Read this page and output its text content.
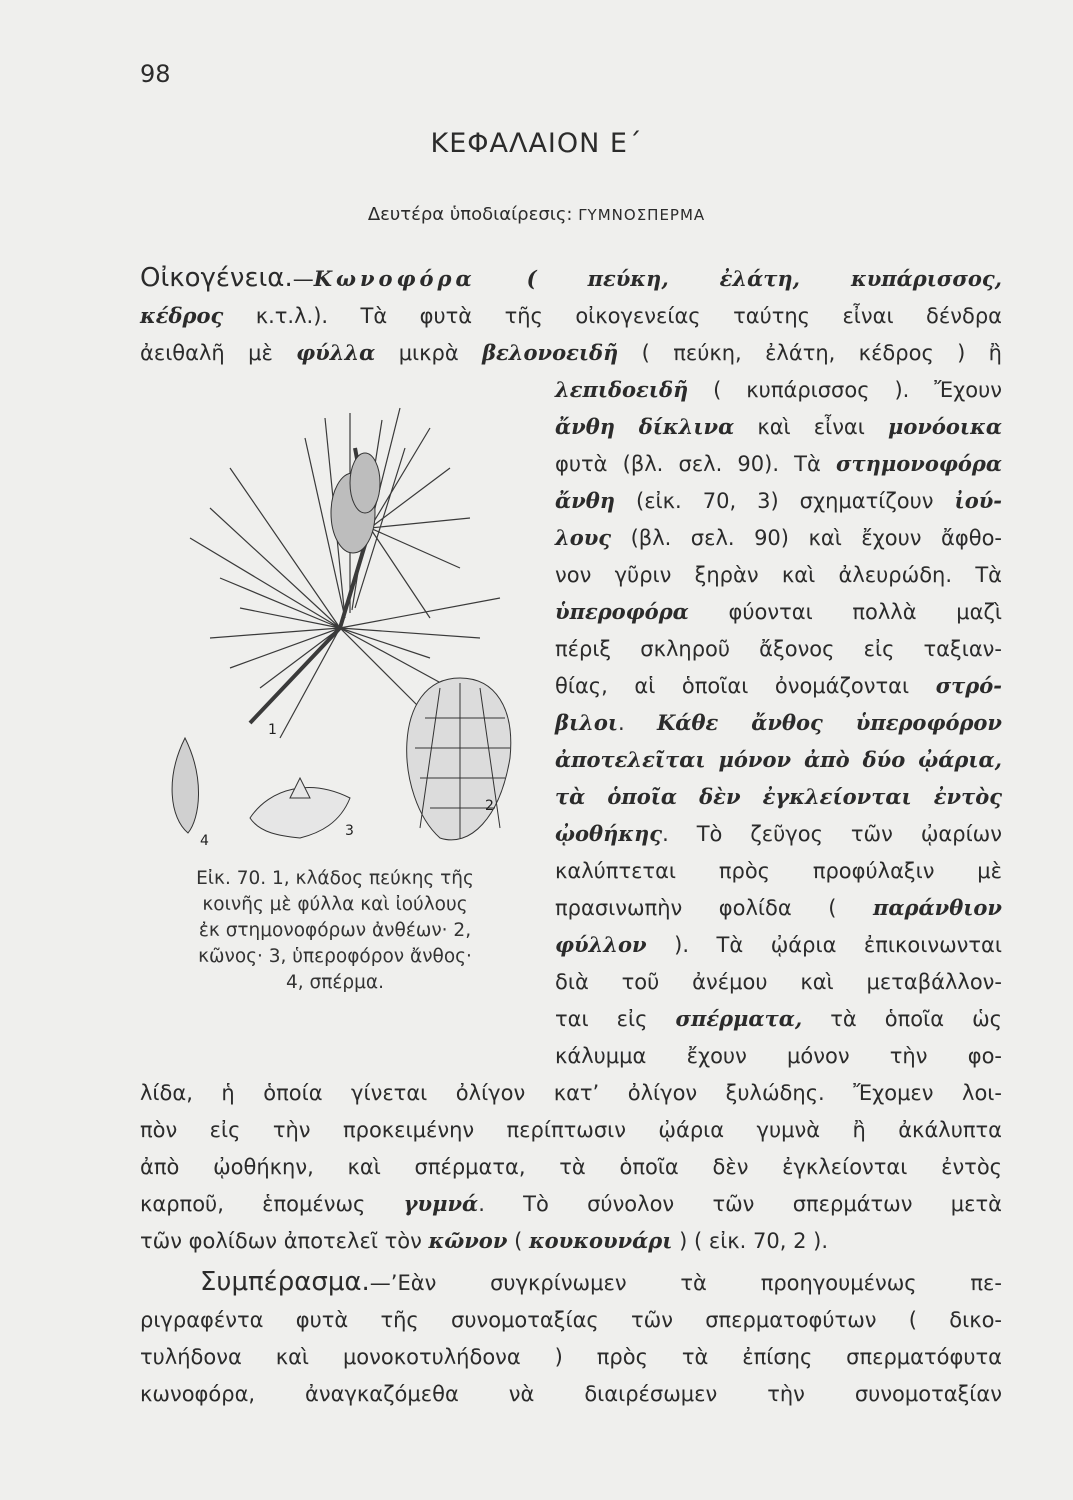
98
ΚΕΦΑΛΑΙΟΝ Ε΄
Δευτέρα ὑποδιαίρεσις: ΓΥΜΝΟΣΠΕΡΜΑ
Οἰκογένεια.—Κωνοφόρα ( πεύκη, ἐλάτη, κυπάρισσος,
κέδρος κ.τ.λ.). Τὰ φυτὰ τῆς οἰκογενείας ταύτης εἶναι δένδρα
ἀειθαλῆ μὲ φύλλα μικρὰ βελονοειδῆ ( πεύκη, ἐλάτη, κέδρος ) ἢ
λεπιδοειδῆ ( κυπάρισσος ). Ἔχουν
ἄνθη δίκλινα καὶ εἶναι μονόοικα
φυτὰ (βλ. σελ. 90). Τὰ στημονοφόρα
ἄνθη (εἰκ. 70, 3) σχηματίζουν ἰού-
λους (βλ. σελ. 90) καὶ ἔχουν ἄφθο-
νον γῦριν ξηρὰν καὶ ἀλευρώδη. Τὰ
ὑπεροφόρα φύονται πολλὰ μαζὶ
πέριξ σκληροῦ ἄξονος εἰς ταξιαν-
θίας, αἱ ὁποῖαι ὀνομάζονται στρό-
βιλοι. Κάθε ἄνθος ὑπεροφόρον
ἀποτελεῖται μόνον ἀπὸ δύο ᾠάρια,
τὰ ὁποῖα δὲν ἐγκλείονται ἐντὸς
ᾠοθήκης. Τὸ ζεῦγος τῶν ᾠαρίων
καλύπτεται πρὸς προφύλαξιν μὲ
πρασινωπὴν φολίδα ( παράνθιον
φύλλον ). Τὰ ᾠάρια ἐπικοινωνται
διὰ τοῦ ἀνέμου καὶ μεταβάλλον-
ται εἰς σπέρματα, τὰ ὁποῖα ὡς
κάλυμμα ἔχουν μόνον τὴν φο-
1
2
3
4
Εἰκ. 70. 1, κλάδος πεύκης τῆς
κοινῆς μὲ φύλλα καὶ ἰούλους
ἐκ στημονοφόρων ἀνθέων· 2,
κῶνος· 3, ὑπεροφόρον ἄνθος·
4, σπέρμα.
λίδα, ἡ ὁποία γίνεται ὀλίγον κατ’ ὀλίγον ξυλώδης. Ἔχομεν λοι-
πὸν εἰς τὴν προκειμένην περίπτωσιν ᾠάρια γυμνὰ ἢ ἀκάλυπτα
ἀπὸ ᾠοθήκην, καὶ σπέρματα, τὰ ὁποῖα δὲν ἐγκλείονται ἐντὸς
καρποῦ, ἑπομένως γυμνά. Τὸ σύνολον τῶν σπερμάτων μετὰ
τῶν φολίδων ἀποτελεῖ τὸν κῶνον ( κουκουνάρι ) ( εἰκ. 70, 2 ).
Συμπέρασμα.—’Εὰν συγκρίνωμεν τὰ προηγουμένως πε-
ριγραφέντα φυτὰ τῆς συνομοταξίας τῶν σπερματοφύτων ( δικο-
τυλήδονα καὶ μονοκοτυλήδονα ) πρὸς τὰ ἐπίσης σπερματόφυτα
κωνοφόρα, ἀναγκαζόμεθα νὰ διαιρέσωμεν τὴν συνομοταξίαν
